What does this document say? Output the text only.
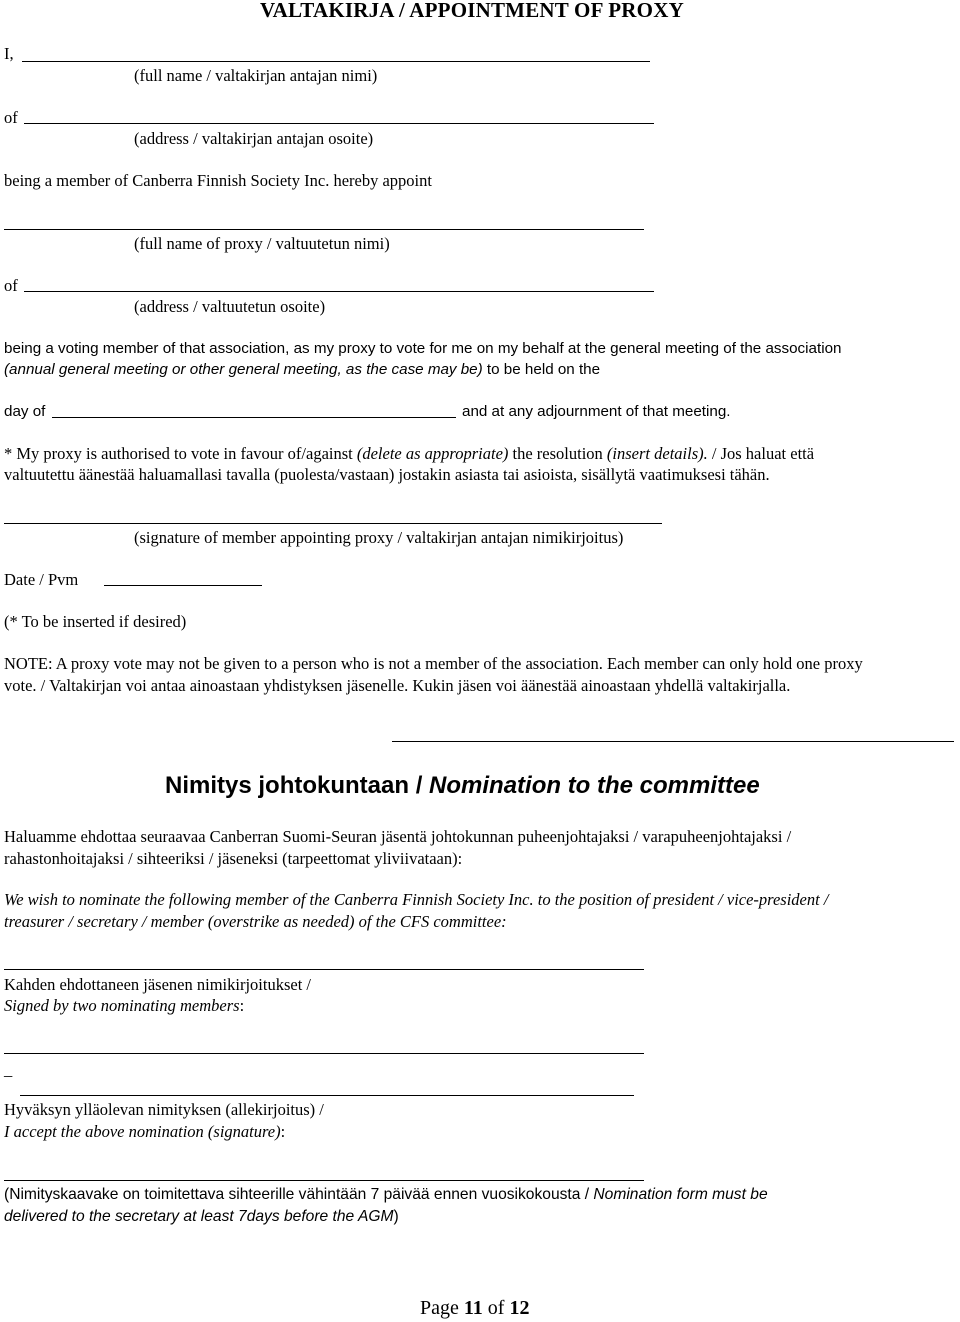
VALTAKIRJA / APPOINTMENT OF PROXY
I,
(full name / valtakirjan antajan nimi)
of
(address / valtakirjan antajan osoite)
being a member of Canberra Finnish Society Inc. hereby appoint
(full name of proxy / valtuutetun nimi)
of
(address / valtuutetun osoite)
being a voting member of that association, as my proxy to vote for me on my behalf at the general meeting of the association
(annual general meeting or other general meeting, as the case may be) to be held on the
day of	and at any adjournment of that meeting.
* My proxy is authorised to vote in favour of/against (delete as appropriate) the resolution (insert details). / Jos haluat että
valtuutettu äänestää haluamallasi tavalla (puolesta/vastaan) jostakin asiasta tai asioista, sisällytä vaatimuksesi tähän.
(signature of member appointing proxy / valtakirjan antajan nimikirjoitus)
Date / Pvm
(* To be inserted if desired)
NOTE: A proxy vote may not be given to a person who is not a member of the association. Each member can only hold one proxy
vote. / Valtakirjan voi antaa ainoastaan yhdistyksen jäsenelle. Kukin jäsen voi äänestää ainoastaan yhdellä valtakirjalla.
Nimitys johtokuntaan / Nomination to the committee
Haluamme ehdottaa seuraavaa Canberran Suomi-Seuran jäsentä johtokunnan puheenjohtajaksi / varapuheenjohtajaksi /
rahastonhoitajaksi / sihteeriksi / jäseneksi (tarpeettomat yliviivataan):
We wish to nominate the following member of the Canberra Finnish Society Inc. to the position of president / vice-president /
treasurer / secretary / member (overstrike as needed) of the CFS committee:
Kahden ehdottaneen jäsenen nimikirjoitukset /
Signed by two nominating members:
_
Hyväksyn ylläolevan nimityksen (allekirjoitus) /
I accept the above nomination (signature):
(Nimityskaavake on toimitettava sihteerille vähintään 7 päivää ennen vuosikokousta / Nomination form must be
delivered to the secretary at least 7days before the AGM)
Page 11 of 12
